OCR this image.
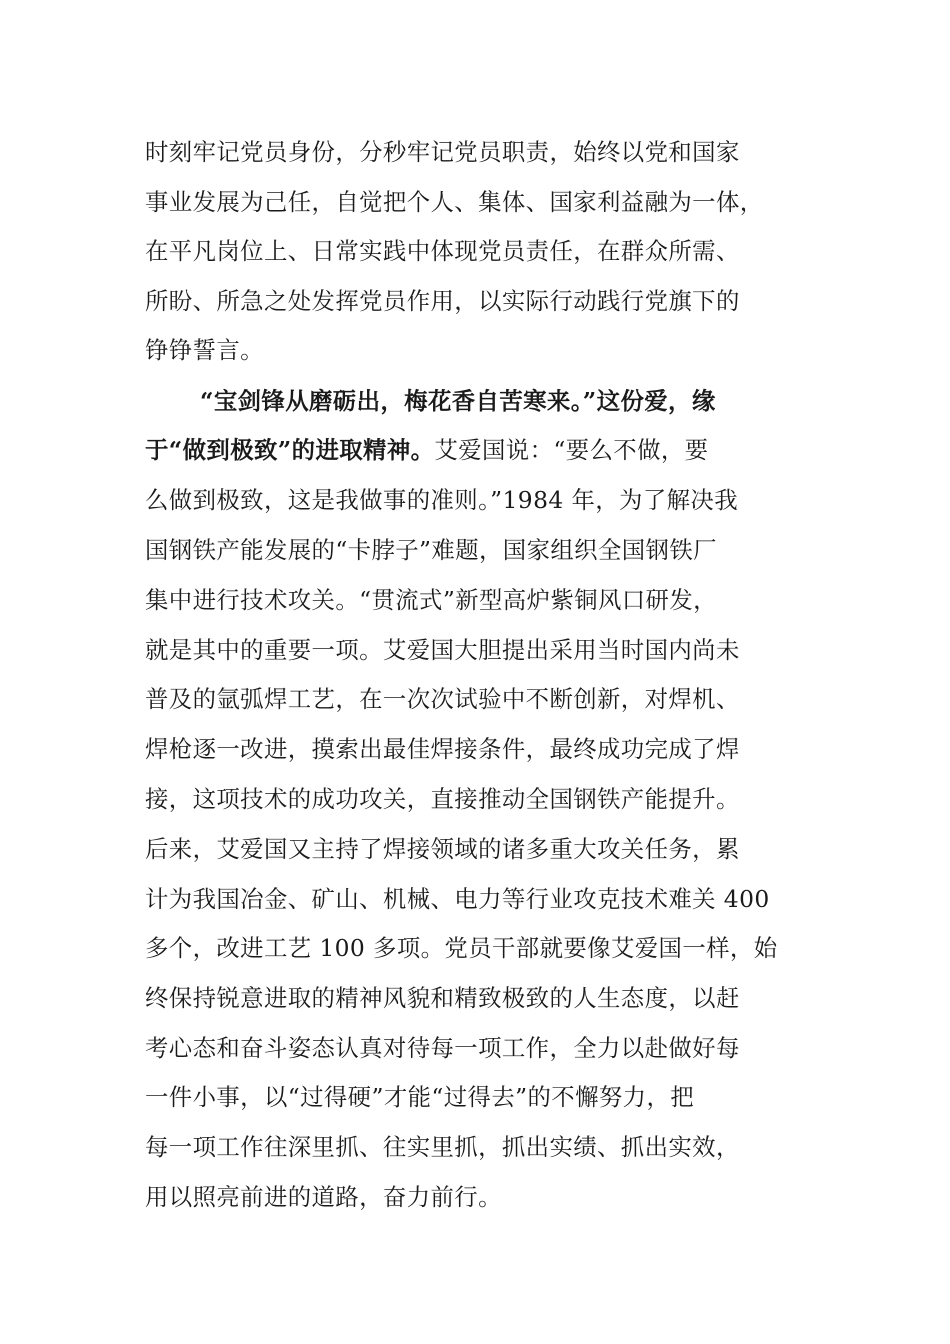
时刻牢记党员身份，分秒牢记党员职责，始终以党和国家
事业发展为己任，自觉把个人、集体、国家利益融为一体，
在平凡岗位上、日常实践中体现党员责任，在群众所需、
所盼、所急之处发挥党员作用，以实际行动践行党旗下的
铮铮誓言。
“宝剑锋从磨砺出，梅花香自苦寒来。”这份爱，缘
于“做到极致”的进取精神。艾爱国说：“要么不做，要
么做到极致，这是我做事的准则。”1984 年，为了解决我
国钢铁产能发展的“卡脖子”难题，国家组织全国钢铁厂
集中进行技术攻关。“贯流式”新型高炉紫铜风口研发，
就是其中的重要一项。艾爱国大胆提出采用当时国内尚未
普及的氩弧焊工艺，在一次次试验中不断创新，对焊机、
焊枪逐一改进，摸索出最佳焊接条件，最终成功完成了焊
接，这项技术的成功攻关，直接推动全国钢铁产能提升。
后来，艾爱国又主持了焊接领域的诸多重大攻关任务，累
计为我国冶金、矿山、机械、电力等行业攻克技术难关 400
多个，改进工艺 100 多项。党员干部就要像艾爱国一样，始
终保持锐意进取的精神风貌和精致极致的人生态度，以赶
考心态和奋斗姿态认真对待每一项工作，全力以赴做好每
一件小事，以“过得硬”才能“过得去”的不懈努力，把
每一项工作往深里抓、往实里抓，抓出实绩、抓出实效，
用以照亮前进的道路，奋力前行。
